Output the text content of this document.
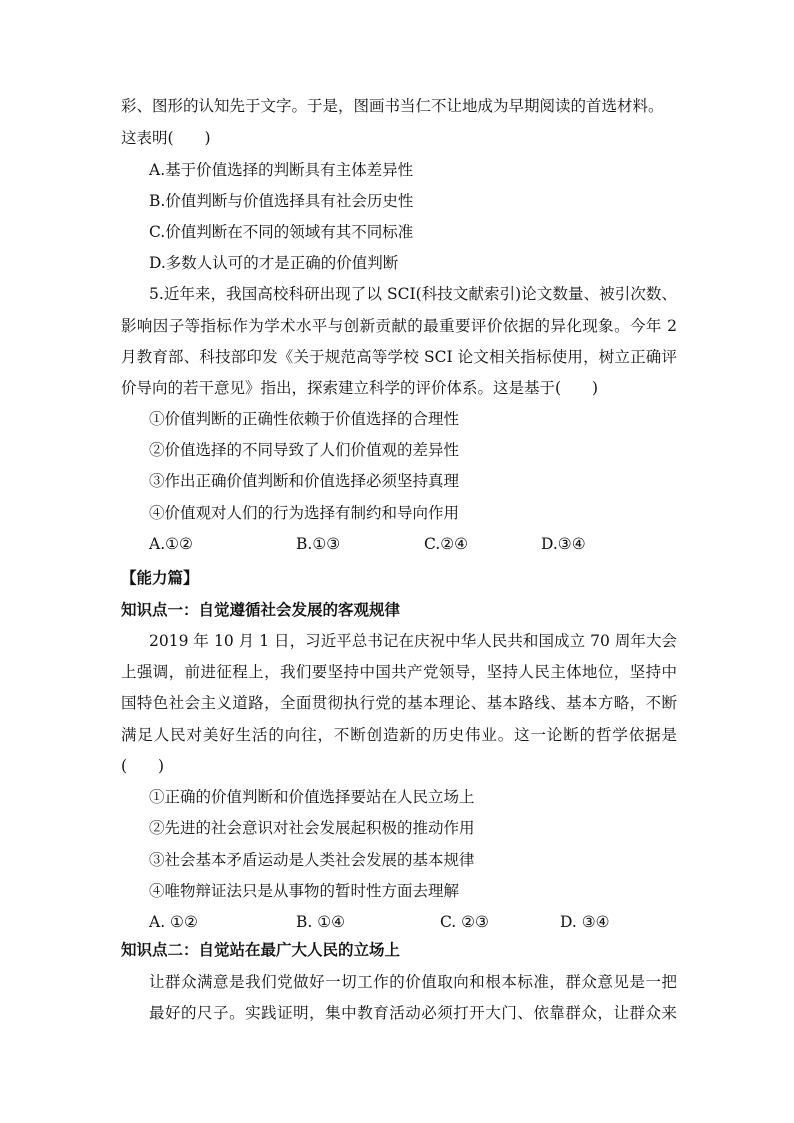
彩、图形的认知先于文字。于是，图画书当仁不让地成为早期阅读的首选材料。
这表明(　　)
A.基于价值选择的判断具有主体差异性
B.价值判断与价值选择具有社会历史性
C.价值判断在不同的领域有其不同标准
D.多数人认可的才是正确的价值判断
5.近年来，我国高校科研出现了以 SCI(科技文献索引)论文数量、被引次数、
影响因子等指标作为学术水平与创新贡献的最重要评价依据的异化现象。今年 2
月教育部、科技部印发《关于规范高等学校 SCI 论文相关指标使用，树立正确评
价导向的若干意见》指出，探索建立科学的评价体系。这是基于(　　)
①价值判断的正确性依赖于价值选择的合理性
②价值选择的不同导致了人们价值观的差异性
③作出正确价值判断和价值选择必须坚持真理
④价值观对人们的行为选择有制约和导向作用
A.①②	B.①③	C.②④	D.③④
【能力篇】
知识点一：自觉遵循社会发展的客观规律
2019 年 10 月 1 日，习近平总书记在庆祝中华人民共和国成立 70 周年大会
上强调，前进征程上，我们要坚持中国共产党领导，坚持人民主体地位，坚持中
国特色社会主义道路，全面贯彻执行党的基本理论、基本路线、基本方略，不断
满足人民对美好生活的向往，不断创造新的历史伟业。这一论断的哲学依据是
(　　)
①正确的价值判断和价值选择要站在人民立场上
②先进的社会意识对社会发展起积极的推动作用
③社会基本矛盾运动是人类社会发展的基本规律
④唯物辩证法只是从事物的暂时性方面去理解
A. ①②	B. ①④	C. ②③	D. ③④
知识点二：自觉站在最广大人民的立场上
让群众满意是我们党做好一切工作的价值取向和根本标准，群众意见是一把
最好的尺子。实践证明，集中教育活动必须打开大门、依靠群众，让群众来
